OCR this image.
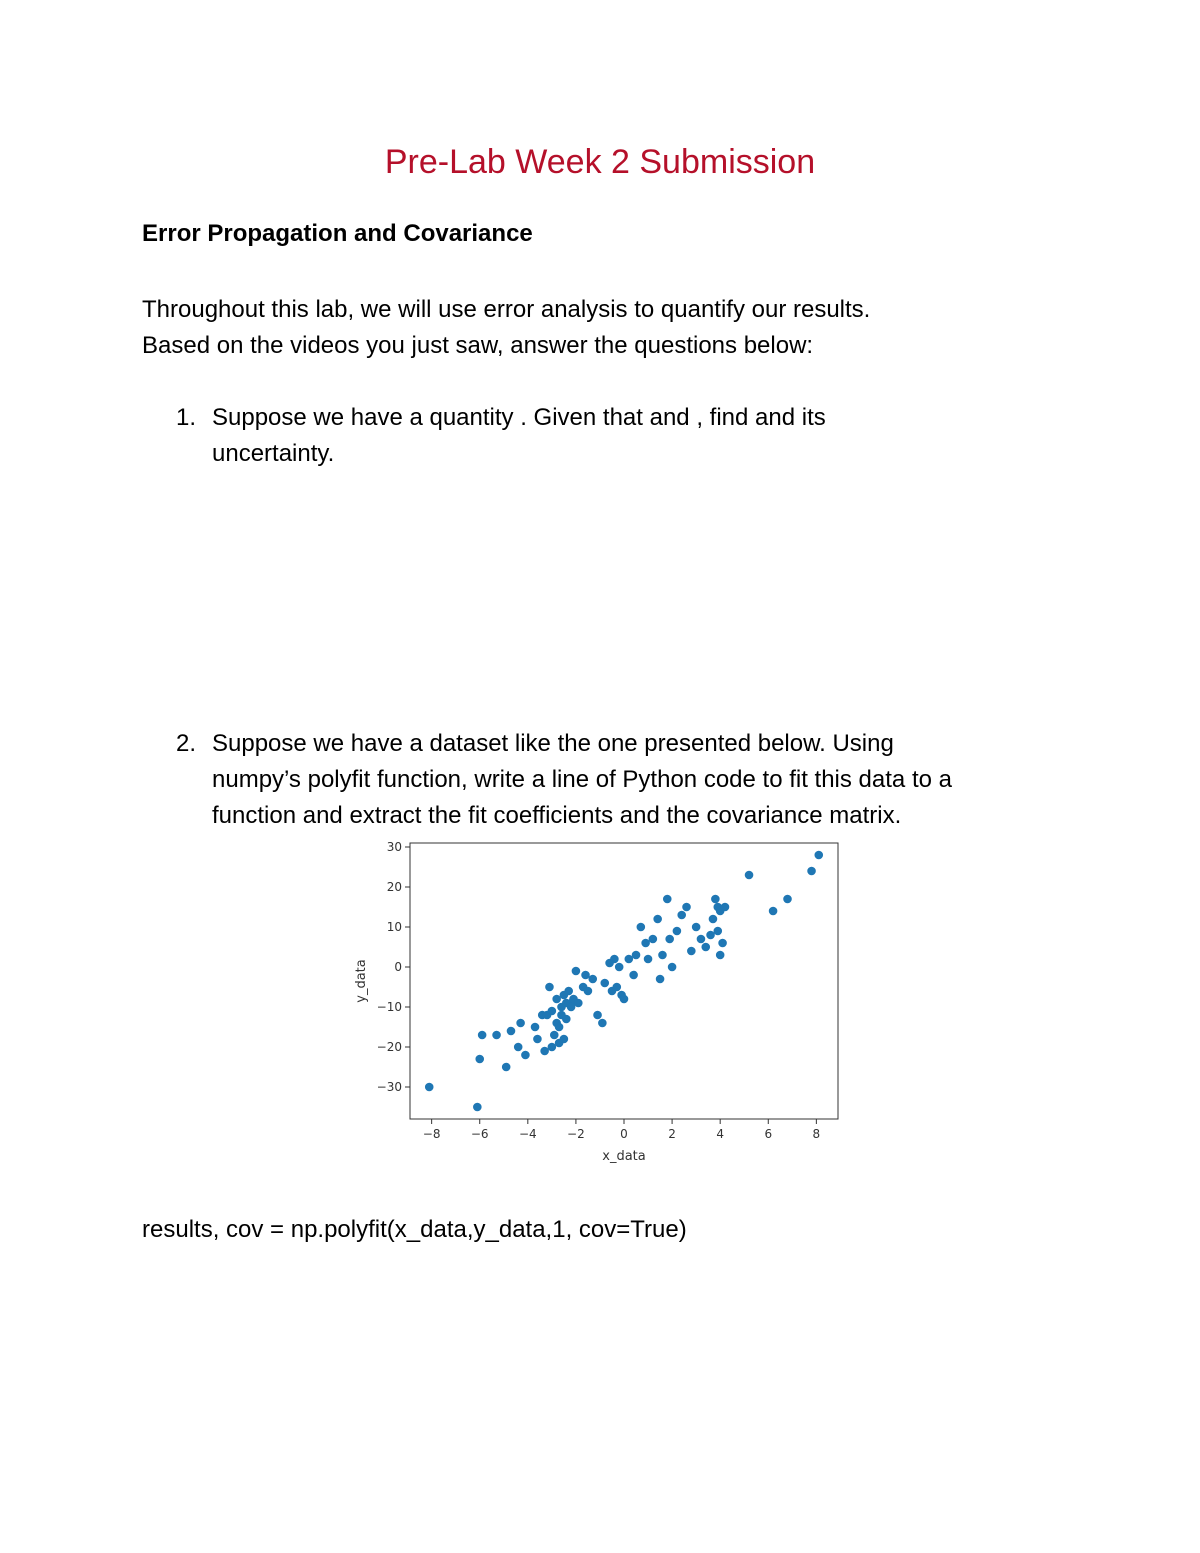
Pre-Lab Week 2 Submission
Error Propagation and Covariance
Throughout this lab, we will use error analysis to quantify our results.
Based on the videos you just saw, answer the questions below:
1. Suppose we have a quantity . Given that and , find and its
uncertainty.
2. Suppose we have a dataset like the one presented below. Using
numpy’s polyfit function, write a line of Python code to fit this data to a
function and extract the fit coefficients and the covariance matrix.
−8	−6	−4	−2	0	2	4	6	8
−30
−20
−10
0
10
20
30
x_data
y_data
results, cov = np.polyfit(x_data,y_data,1, cov=True)
